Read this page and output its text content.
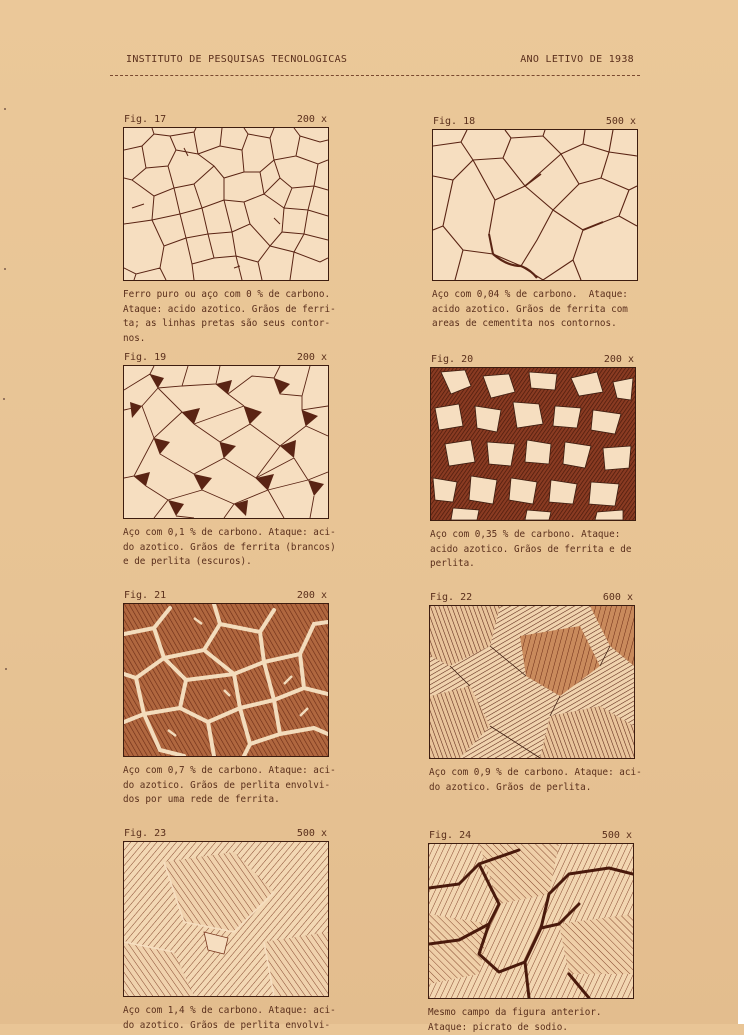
INSTITUTO DE PESQUISAS TECNOLOGICAS	ANO LETIVO DE 1938
Fig. 17	200 x
Ferro puro ou aço com 0 % de carbono.
Ataque: acido azotico. Grãos de ferri-
ta; as linhas pretas são seus contor-
nos.
Fig. 18	500 x
Aço com 0,04 % de carbono.  Ataque:
acido azotico. Grãos de ferrita com
areas de cementita nos contornos.
Fig. 19	200 x
Aço com 0,1 % de carbono. Ataque: aci-
do azotico. Grãos de ferrita (brancos)
e de perlita (escuros).
Fig. 20	200 x
Aço com 0,35 % de carbono. Ataque:
acido azotico. Grãos de ferrita e de
perlita.
Fig. 21	200 x
Aço com 0,7 % de carbono. Ataque: aci-
do azotico. Grãos de perlita envolvi-
dos por uma rede de ferrita.
Fig. 22	600 x
Aço com 0,9 % de carbono. Ataque: aci-
do azotico. Grãos de perlita.
Fig. 23	500 x
Aço com 1,4 % de carbono. Ataque: aci-
do azotico. Grãos de perlita envolvi-
Fig. 24	500 x
Mesmo campo da figura anterior.
Ataque: picrato de sodio.
